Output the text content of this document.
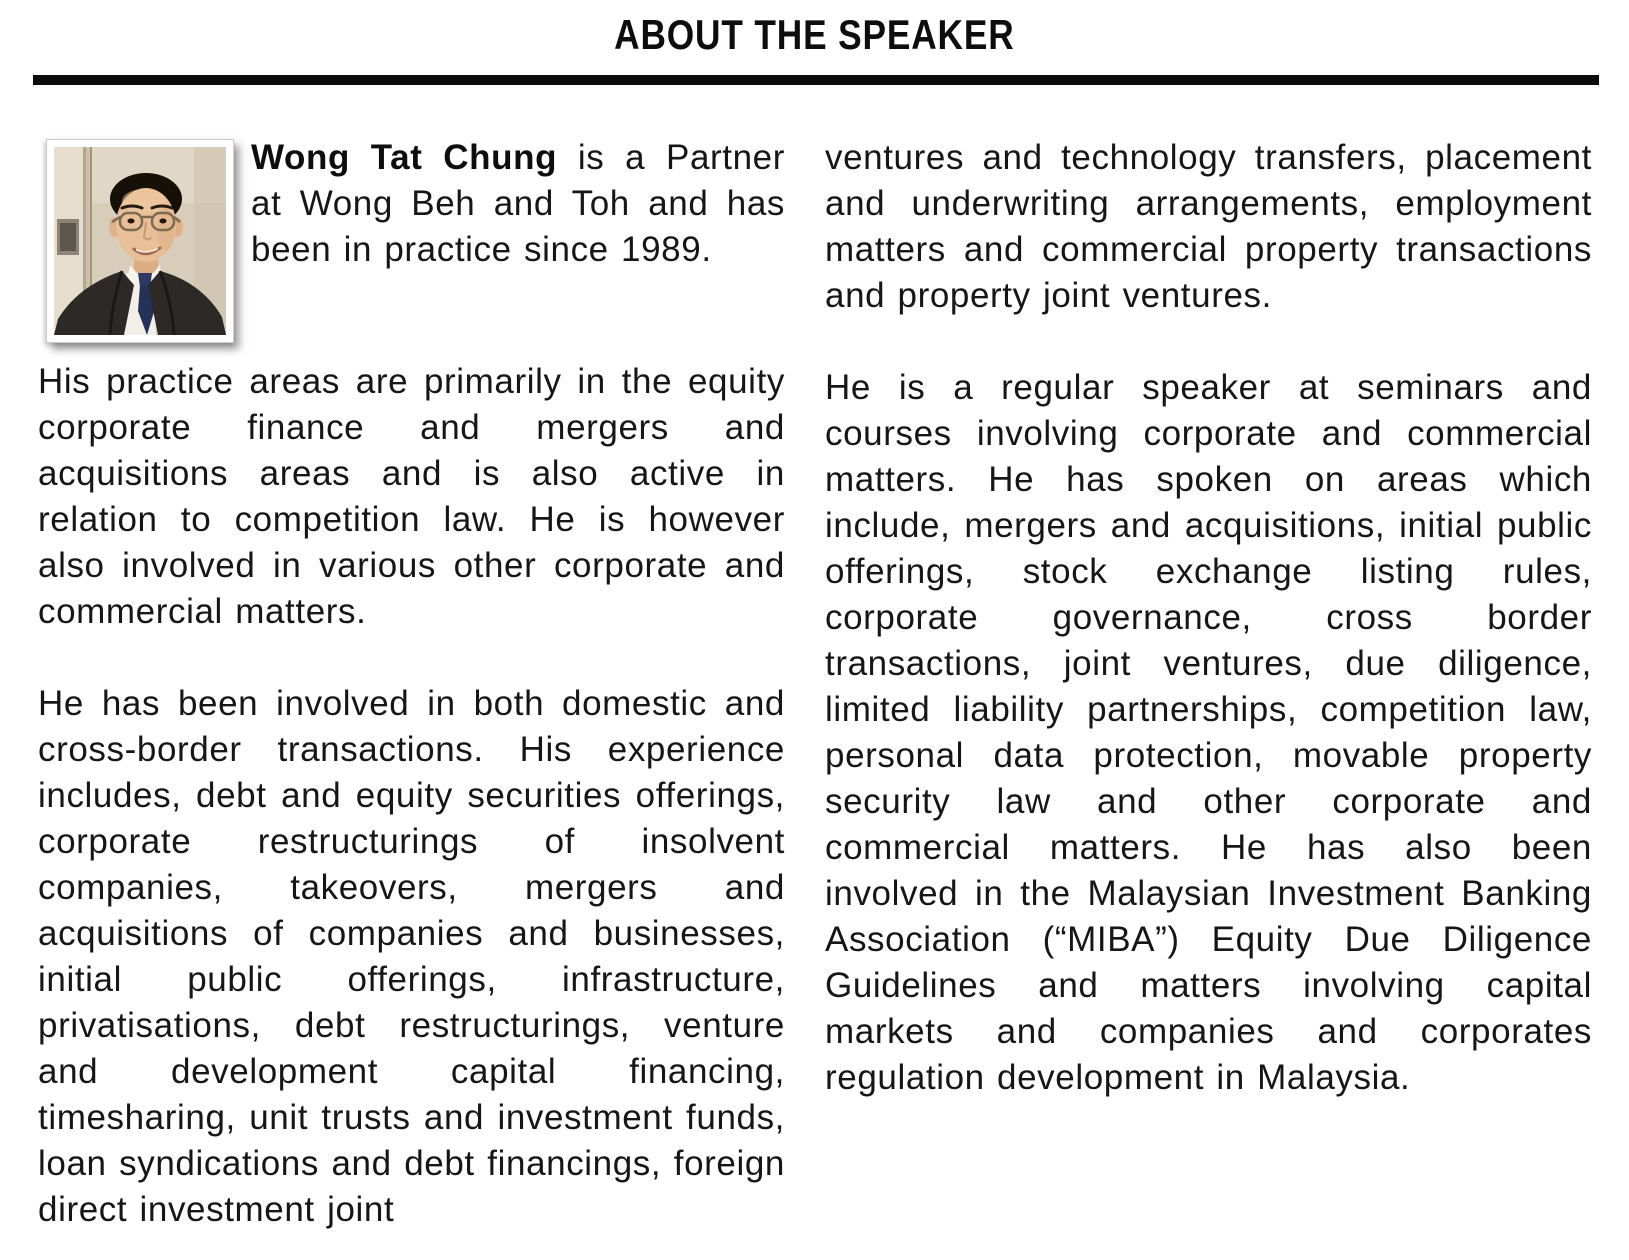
ABOUT THE SPEAKER

Wong Tat Chung is a Partner at Wong Beh and Toh and has been in practice since 1989.

His practice areas are primarily in the equity corporate finance and mergers and acquisitions areas and is also active in relation to competition law. He is however also involved in various other corporate and commercial matters.

He has been involved in both domestic and cross-border transactions. His experience includes, debt and equity securities offerings, corporate restructurings of insolvent companies, takeovers, mergers and acquisitions of companies and businesses, initial public offerings, infrastructure, privatisations, debt restructurings, venture and development capital financing, timesharing, unit trusts and investment funds, loan syndications and debt financings, foreign direct investment joint

ventures and technology transfers, placement and underwriting arrangements, employment matters and commercial property transactions and property joint ventures.

He is a regular speaker at seminars and courses involving corporate and commercial matters. He has spoken on areas which include, mergers and acquisitions, initial public offerings, stock exchange listing rules, corporate governance, cross border transactions, joint ventures, due diligence, limited liability partnerships, competition law, personal data protection, movable property security law and other corporate and commercial matters. He has also been involved in the Malaysian Investment Banking Association (“MIBA”) Equity Due Diligence Guidelines and matters involving capital markets and companies and corporates regulation development in Malaysia.
